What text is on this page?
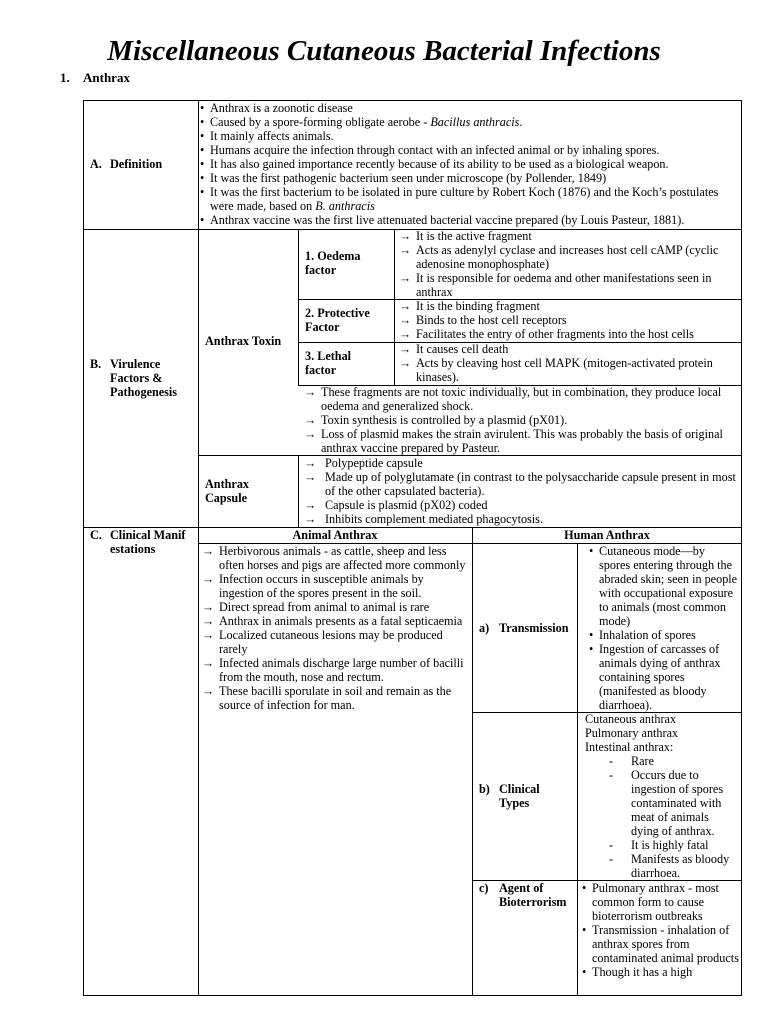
Miscellaneous Cutaneous Bacterial Infections
1. Anthrax
A. Definition
• Anthrax is a zoonotic disease
• Caused by a spore-forming obligate aerobe - Bacillus anthracis.
• It mainly affects animals.
• Humans acquire the infection through contact with an infected animal or by inhaling spores.
• It has also gained importance recently because of its ability to be used as a biological weapon.
• It was the first pathogenic bacterium seen under microscope (by Pollender, 1849)
• It was the first bacterium to be isolated in pure culture by Robert Koch (1876) and the Koch’s postulates were made, based on B. anthracis
• Anthrax vaccine was the first live attenuated bacterial vaccine prepared (by Louis Pasteur, 1881).
B. Virulence Factors & Pathogenesis
Anthrax Toxin
1. Oedema factor
→ It is the active fragment
→ Acts as adenylyl cyclase and increases host cell cAMP (cyclic adenosine monophosphate)
→ It is responsible for oedema and other manifestations seen in anthrax
2. Protective Factor
→ It is the binding fragment
→ Binds to the host cell receptors
→ Facilitates the entry of other fragments into the host cells
3. Lethal factor
→ It causes cell death
→ Acts by cleaving host cell MAPK (mitogen-activated protein kinases).
→ These fragments are not toxic individually, but in combination, they produce local oedema and generalized shock.
→ Toxin synthesis is controlled by a plasmid (pX01).
→ Loss of plasmid makes the strain avirulent. This was probably the basis of original anthrax vaccine prepared by Pasteur.
Anthrax Capsule
→ Polypeptide capsule
→ Made up of polyglutamate (in contrast to the polysaccharide capsule present in most of the other capsulated bacteria).
→ Capsule is plasmid (pX02) coded
→ Inhibits complement mediated phagocytosis.
C. Clinical Manifestations
Animal Anthrax	Human Anthrax
→ Herbivorous animals - as cattle, sheep and less often horses and pigs are affected more commonly
→ Infection occurs in susceptible animals by ingestion of the spores present in the soil.
→ Direct spread from animal to animal is rare
→ Anthrax in animals presents as a fatal septicaemia
→ Localized cutaneous lesions may be produced rarely
→ Infected animals discharge large number of bacilli from the mouth, nose and rectum.
→ These bacilli sporulate in soil and remain as the source of infection for man.
a) Transmission
• Cutaneous mode—by spores entering through the abraded skin; seen in people with occupational exposure to animals (most common mode)
• Inhalation of spores
• Ingestion of carcasses of animals dying of anthrax containing spores (manifested as bloody diarrhoea).
b) Clinical Types
Cutaneous anthrax
Pulmonary anthrax
Intestinal anthrax:
- Rare
- Occurs due to ingestion of spores contaminated with meat of animals dying of anthrax.
- It is highly fatal
- Manifests as bloody diarrhoea.
c) Agent of Bioterrorism
• Pulmonary anthrax - most common form to cause bioterrorism outbreaks
• Transmission - inhalation of anthrax spores from contaminated animal products
• Though it has a high
